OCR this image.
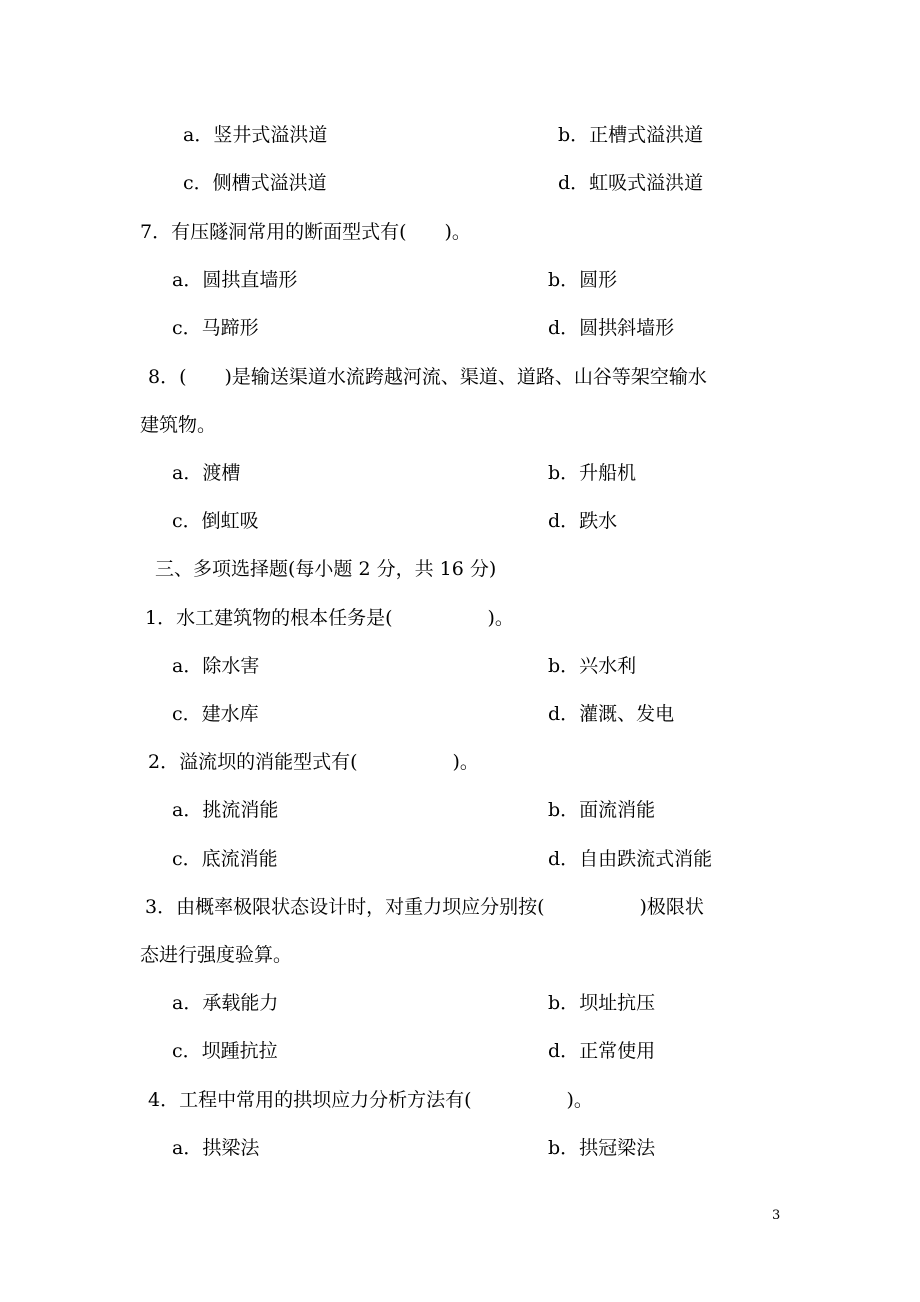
a．竖井式溢洪道	b．正槽式溢洪道
c．侧槽式溢洪道	d．虹吸式溢洪道
7．有压隧洞常用的断面型式有(　　)。
a．圆拱直墙形	b．圆形
c．马蹄形	d．圆拱斜墙形
8．(　　)是输送渠道水流跨越河流、渠道、道路、山谷等架空输水
建筑物。
a．渡槽	b．升船机
c．倒虹吸	d．跌水
三、多项选择题(每小题 2 分，共 16 分)
1．水工建筑物的根本任务是(　　　　　)。
a．除水害	b．兴水利
c．建水库	d．灌溉、发电
2．溢流坝的消能型式有(　　　　　)。
a．挑流消能	b．面流消能
c．底流消能	d．自由跌流式消能
3．由概率极限状态设计时，对重力坝应分别按(　　　　　)极限状
态进行强度验算。
a．承载能力	b．坝址抗压
c．坝踵抗拉	d．正常使用
4．工程中常用的拱坝应力分析方法有(　　　　　)。
a．拱梁法	b．拱冠梁法
3
